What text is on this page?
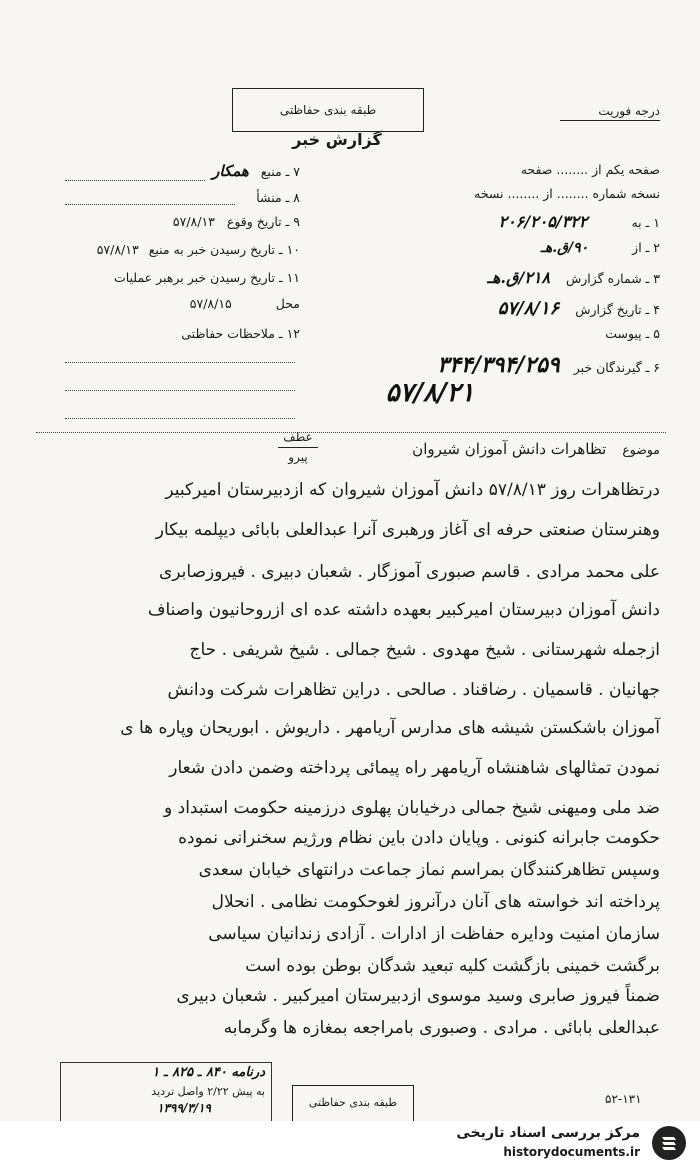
طبقه بندی حفاظتی	درجه فوریت
گزارش خبر
صفحه یکم از ........ صفحه
نسخه شماره ........ از ........ نسخه
۱ ـ به ۲۰۶/۲۰۵/۳۲۲
۲ ـ از ۹۰/ق.هـ
۳ ـ شماره گزارش ۲۱۸/ق.هـ
۴ ـ تاریخ گزارش ۵۷/۸/۱۶
۵ ـ پیوست
۶ ـ گیرندگان خبر ۳۴۴/۳۹۴/۲۵۹
۵۷/۸/۲۱
۷ ـ منبع همکار
۸ ـ منشأ
۹ ـ تاریخ وقوع ۵۷/۸/۱۳
۱۰ ـ تاریخ رسیدن خبر به منبع ۵۷/۸/۱۳
۱۱ ـ تاریخ رسیدن خبر برهبر عملیات
محل ۵۷/۸/۱۵
۱۲ ـ ملاحظات حفاظتی
موضوع تظاهرات دانش آموزان شیروان
عطف
پیرو
درتظاهرات روز ۵۷/۸/۱۳ دانش آموزان شیروان که ازدبیرستان امیرکبیر
وهنرستان صنعتی حرفه ای آغاز ورهبری آنرا عبدالعلی بابائی دیپلمه بیکار
علی محمد مرادی . قاسم صبوری آموزگار . شعبان دبیری . فیروزصابری
دانش آموزان دبیرستان امیرکبیر بعهده داشته عده ای ازروحانیون واصناف
ازجمله شهرستانی . شیخ مهدوی . شیخ جمالی . شیخ شریفی . حاج
جهانیان . قاسمیان . رضاقناد . صالحی . دراین تظاهرات شرکت ودانش
آموزان باشکستن شیشه های مدارس آریامهر . داریوش . ابوریحان وپاره ها ی
نمودن تمثالهای شاهنشاه آریامهر راه پیمائی پرداخته وضمن دادن شعار
ضد ملی ومیهنی شیخ جمالی درخیابان پهلوی درزمینه حکومت استبداد و
حکومت جابرانه کنونی . وپایان دادن باین نظام ورژیم سخنرانی نموده
وسپس تظاهرکنندگان بمراسم نماز جماعت درانتهای خیابان سعدی
پرداخته اند خواسته های آنان درآنروز لغوحکومت نظامی . انحلال
سازمان امنیت ودایره حفاظت از ادارات . آزادی زندانیان سیاسی
برگشت خمینی بازگشت کلیه تبعید شدگان بوطن بوده است
ضمناً فیروز صابری وسید موسوی ازدبیرستان امیرکبیر . شعبان دبیری
عبدالعلی بابائی . مرادی . وصبوری بامراجعه بمغازه ها وگرمابه
درنامه ۸۴۰ ـ ۸۲۵ ـ ۱
به پیش ۲/۲۲ واصل تردید
۱۳۹۹/۳/۱۹	طبقه بندی حفاظتی	۵۲-۱۳۱
مرکز بررسی اسناد تاریخی
historydocuments.ir
